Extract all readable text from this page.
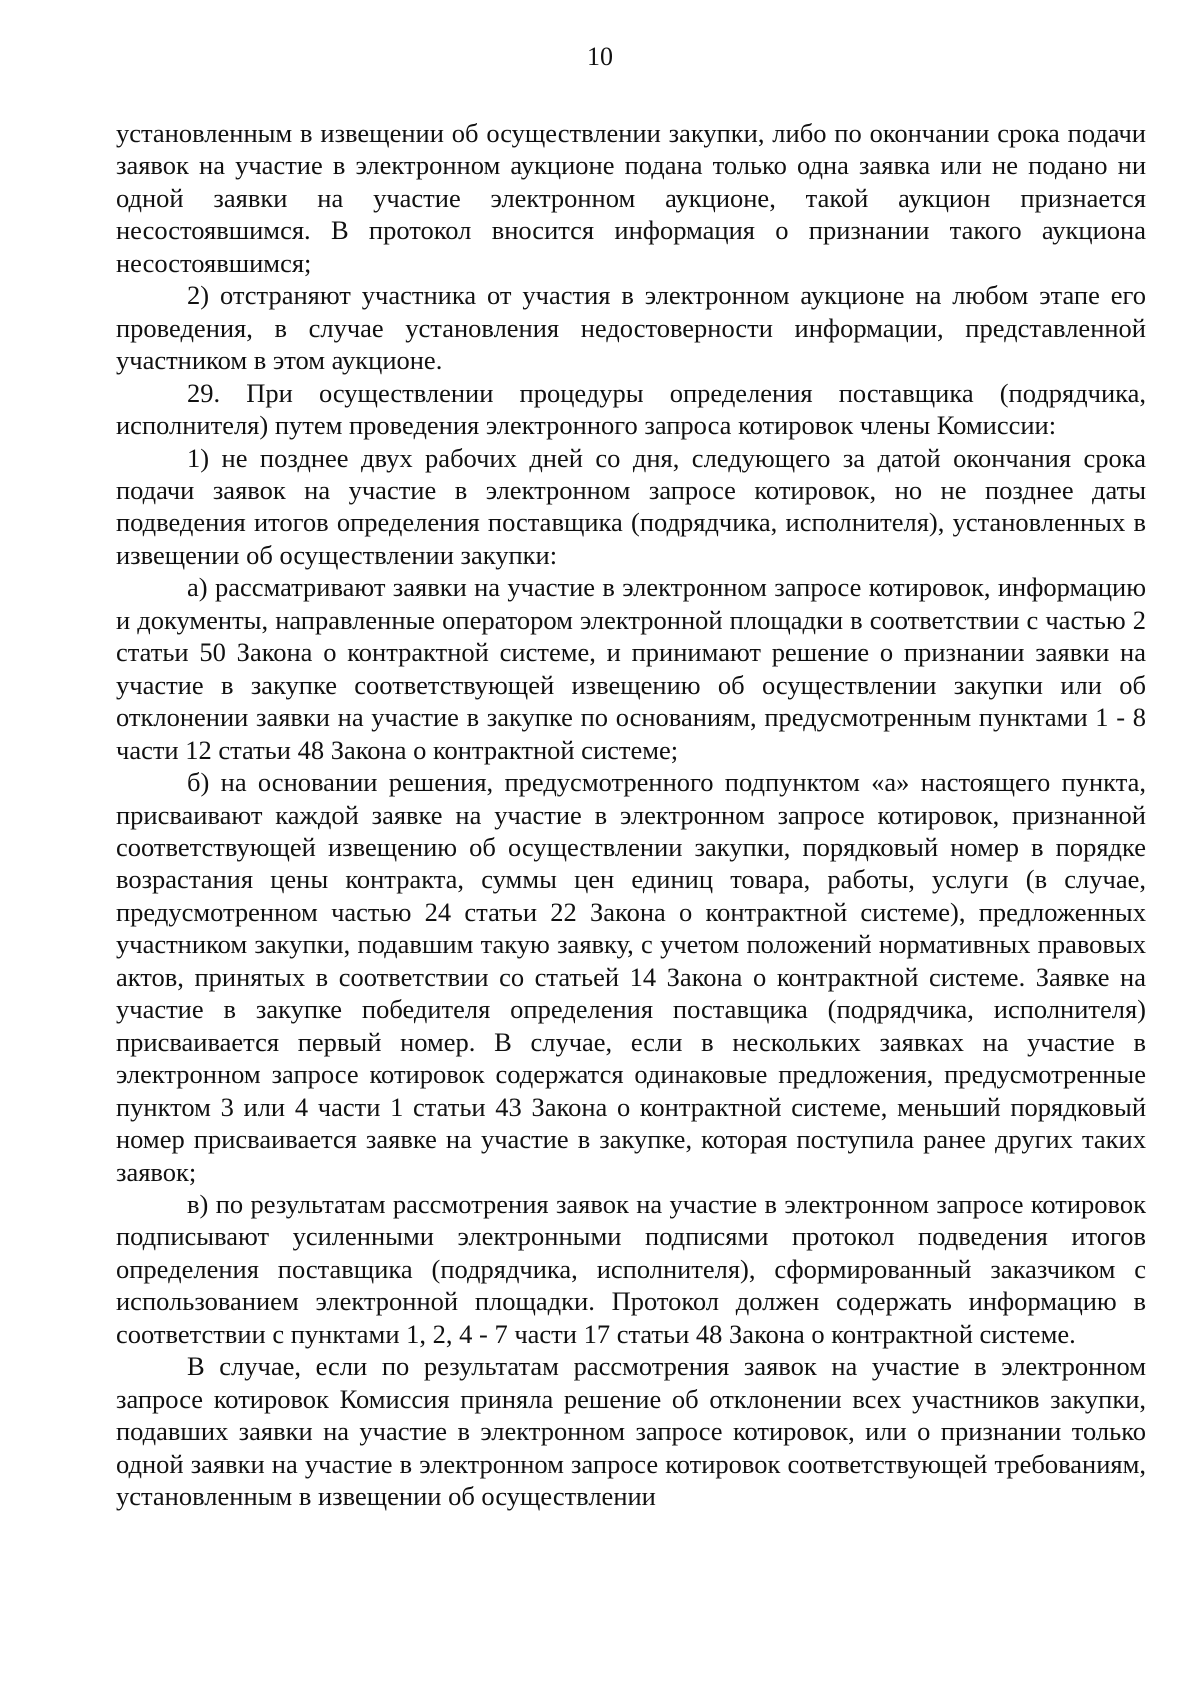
10

установленным в извещении об осуществлении закупки, либо по окончании срока подачи заявок на участие в электронном аукционе подана только одна заявка или не подано ни одной заявки на участие электронном аукционе, такой аукцион признается несостоявшимся. В протокол вносится информация о признании такого аукциона несостоявшимся;

2) отстраняют участника от участия в электронном аукционе на любом этапе его проведения, в случае установления недостоверности информации, представленной участником в этом аукционе.

29. При осуществлении процедуры определения поставщика (подрядчика, исполнителя) путем проведения электронного запроса котировок члены Комиссии:

1) не позднее двух рабочих дней со дня, следующего за датой окончания срока подачи заявок на участие в электронном запросе котировок, но не позднее даты подведения итогов определения поставщика (подрядчика, исполнителя), установленных в извещении об осуществлении закупки:

а) рассматривают заявки на участие в электронном запросе котировок, информацию и документы, направленные оператором электронной площадки в соответствии с частью 2 статьи 50 Закона о контрактной системе, и принимают решение о признании заявки на участие в закупке соответствующей извещению об осуществлении закупки или об отклонении заявки на участие в закупке по основаниям, предусмотренным пунктами 1 - 8 части 12 статьи 48 Закона о контрактной системе;

б) на основании решения, предусмотренного подпунктом «а» настоящего пункта, присваивают каждой заявке на участие в электронном запросе котировок, признанной соответствующей извещению об осуществлении закупки, порядковый номер в порядке возрастания цены контракта, суммы цен единиц товара, работы, услуги (в случае, предусмотренном частью 24 статьи 22 Закона о контрактной системе), предложенных участником закупки, подавшим такую заявку, с учетом положений нормативных правовых актов, принятых в соответствии со статьей 14 Закона о контрактной системе. Заявке на участие в закупке победителя определения поставщика (подрядчика, исполнителя) присваивается первый номер. В случае, если в нескольких заявках на участие в электронном запросе котировок содержатся одинаковые предложения, предусмотренные пунктом 3 или 4 части 1 статьи 43 Закона о контрактной системе, меньший порядковый номер присваивается заявке на участие в закупке, которая поступила ранее других таких заявок;

в) по результатам рассмотрения заявок на участие в электронном запросе котировок подписывают усиленными электронными подписями протокол подведения итогов определения поставщика (подрядчика, исполнителя), сформированный заказчиком с использованием электронной площадки. Протокол должен содержать информацию в соответствии с пунктами 1, 2, 4 - 7 части 17 статьи 48 Закона о контрактной системе.

В случае, если по результатам рассмотрения заявок на участие в электронном запросе котировок Комиссия приняла решение об отклонении всех участников закупки, подавших заявки на участие в электронном запросе котировок, или о признании только одной заявки на участие в электронном запросе котировок соответствующей требованиям, установленным в извещении об осуществлении
